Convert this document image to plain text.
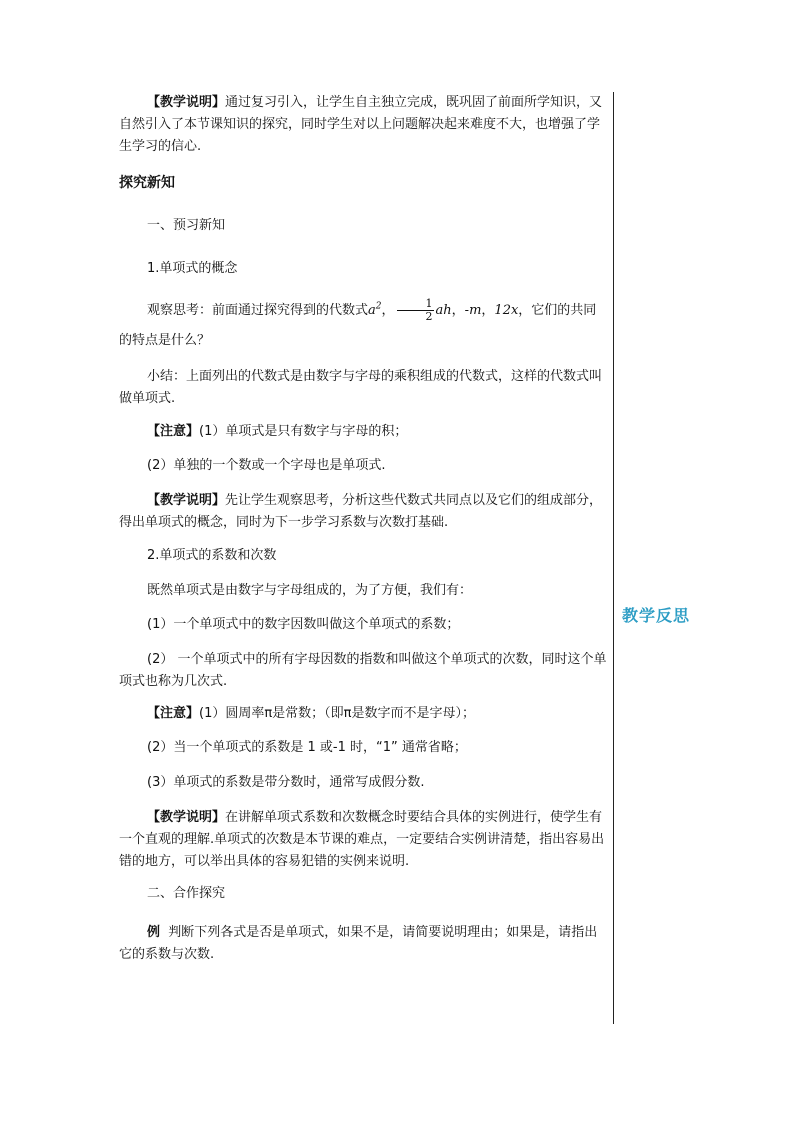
【教学说明】通过复习引入，让学生自主独立完成，既巩固了前面所学知识，又自然引入了本节课知识的探究，同时学生对以上问题解决起来难度不大，也增强了学生学习的信心.

探究新知

一、预习新知

1.单项式的概念

观察思考：前面通过探究得到的代数式$a^2$， $\frac{1}{2}$ ah，-m，12x，它们的共同的特点是什么？

小结：上面列出的代数式是由数字与字母的乘积组成的代数式，这样的代数式叫做单项式.

【注意】(1）单项式是只有数字与字母的积；

(2）单独的一个数或一个字母也是单项式.

【教学说明】先让学生观察思考，分析这些代数式共同点以及它们的组成部分，得出单项式的概念，同时为下一步学习系数与次数打基础.

2.单项式的系数和次数

既然单项式是由数字与字母组成的，为了方便，我们有：

(1）一个单项式中的数字因数叫做这个单项式的系数；

(2） 一个单项式中的所有字母因数的指数和叫做这个单项式的次数，同时这个单项式也称为几次式.

【注意】(1）圆周率π是常数；（即π是数字而不是字母）；

(2）当一个单项式的系数是 1 或-1 时，“1” 通常省略；

(3）单项式的系数是带分数时，通常写成假分数.

【教学说明】在讲解单项式系数和次数概念时要结合具体的实例进行，使学生有一个直观的理解.单项式的次数是本节课的难点，一定要结合实例讲清楚，指出容易出错的地方，可以举出具体的容易犯错的实例来说明.

二、合作探究

例 判断下列各式是否是单项式，如果不是，请简要说明理由；如果是，请指出它的系数与次数.

教学反思
